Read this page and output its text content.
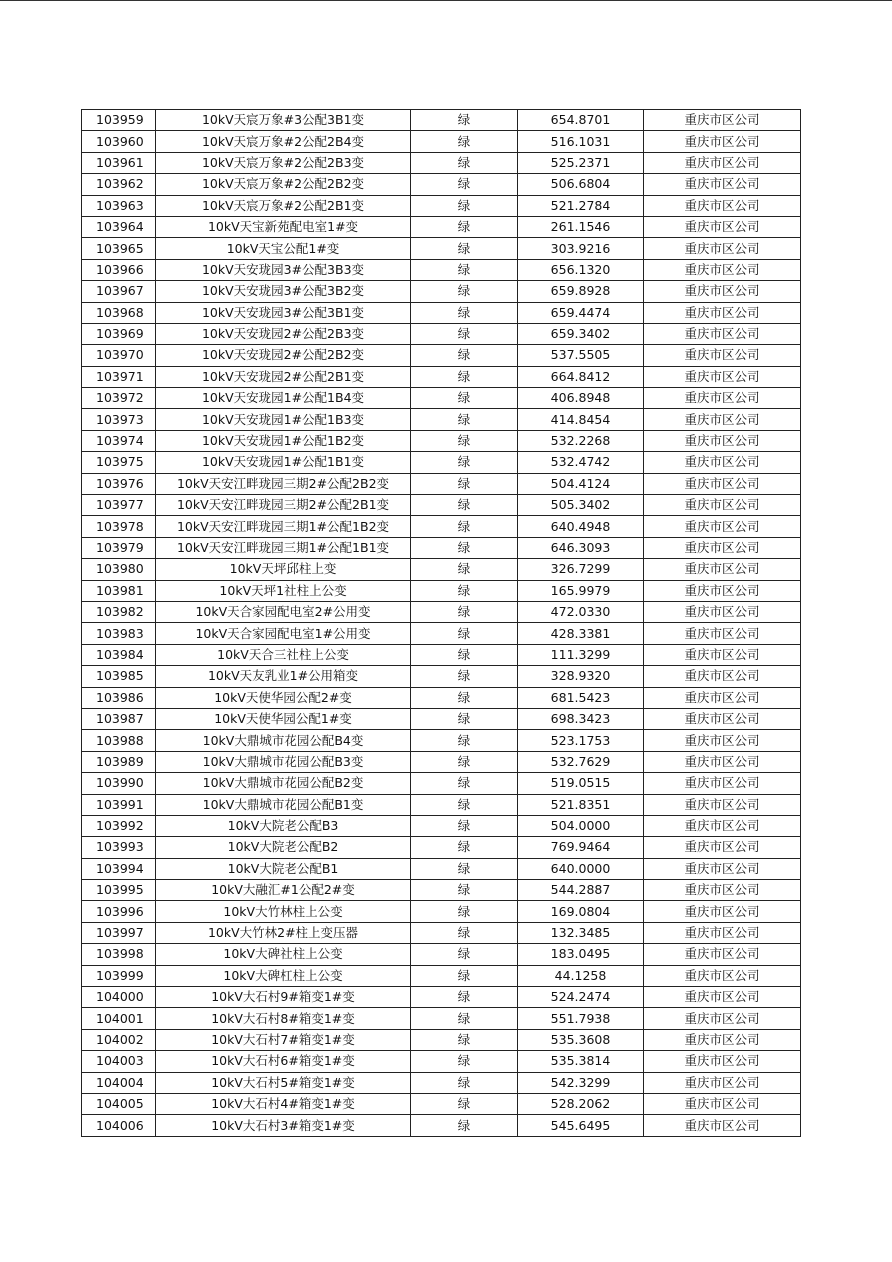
103959	10kV天宸万象#3公配3B1变	绿	654.8701	重庆市区公司
103960	10kV天宸万象#2公配2B4变	绿	516.1031	重庆市区公司
103961	10kV天宸万象#2公配2B3变	绿	525.2371	重庆市区公司
103962	10kV天宸万象#2公配2B2变	绿	506.6804	重庆市区公司
103963	10kV天宸万象#2公配2B1变	绿	521.2784	重庆市区公司
103964	10kV天宝新苑配电室1#变	绿	261.1546	重庆市区公司
103965	10kV天宝公配1#变	绿	303.9216	重庆市区公司
103966	10kV天安珑园3#公配3B3变	绿	656.1320	重庆市区公司
103967	10kV天安珑园3#公配3B2变	绿	659.8928	重庆市区公司
103968	10kV天安珑园3#公配3B1变	绿	659.4474	重庆市区公司
103969	10kV天安珑园2#公配2B3变	绿	659.3402	重庆市区公司
103970	10kV天安珑园2#公配2B2变	绿	537.5505	重庆市区公司
103971	10kV天安珑园2#公配2B1变	绿	664.8412	重庆市区公司
103972	10kV天安珑园1#公配1B4变	绿	406.8948	重庆市区公司
103973	10kV天安珑园1#公配1B3变	绿	414.8454	重庆市区公司
103974	10kV天安珑园1#公配1B2变	绿	532.2268	重庆市区公司
103975	10kV天安珑园1#公配1B1变	绿	532.4742	重庆市区公司
103976	10kV天安江畔珑园三期2#公配2B2变	绿	504.4124	重庆市区公司
103977	10kV天安江畔珑园三期2#公配2B1变	绿	505.3402	重庆市区公司
103978	10kV天安江畔珑园三期1#公配1B2变	绿	640.4948	重庆市区公司
103979	10kV天安江畔珑园三期1#公配1B1变	绿	646.3093	重庆市区公司
103980	10kV天坪邱柱上变	绿	326.7299	重庆市区公司
103981	10kV天坪1社柱上公变	绿	165.9979	重庆市区公司
103982	10kV天合家园配电室2#公用变	绿	472.0330	重庆市区公司
103983	10kV天合家园配电室1#公用变	绿	428.3381	重庆市区公司
103984	10kV天合三社柱上公变	绿	111.3299	重庆市区公司
103985	10kV天友乳业1#公用箱变	绿	328.9320	重庆市区公司
103986	10kV天使华园公配2#变	绿	681.5423	重庆市区公司
103987	10kV天使华园公配1#变	绿	698.3423	重庆市区公司
103988	10kV大鼎城市花园公配B4变	绿	523.1753	重庆市区公司
103989	10kV大鼎城市花园公配B3变	绿	532.7629	重庆市区公司
103990	10kV大鼎城市花园公配B2变	绿	519.0515	重庆市区公司
103991	10kV大鼎城市花园公配B1变	绿	521.8351	重庆市区公司
103992	10kV大院老公配B3	绿	504.0000	重庆市区公司
103993	10kV大院老公配B2	绿	769.9464	重庆市区公司
103994	10kV大院老公配B1	绿	640.0000	重庆市区公司
103995	10kV大融汇#1公配2#变	绿	544.2887	重庆市区公司
103996	10kV大竹林柱上公变	绿	169.0804	重庆市区公司
103997	10kV大竹林2#柱上变压器	绿	132.3485	重庆市区公司
103998	10kV大碑社柱上公变	绿	183.0495	重庆市区公司
103999	10kV大碑杠柱上公变	绿	44.1258	重庆市区公司
104000	10kV大石村9#箱变1#变	绿	524.2474	重庆市区公司
104001	10kV大石村8#箱变1#变	绿	551.7938	重庆市区公司
104002	10kV大石村7#箱变1#变	绿	535.3608	重庆市区公司
104003	10kV大石村6#箱变1#变	绿	535.3814	重庆市区公司
104004	10kV大石村5#箱变1#变	绿	542.3299	重庆市区公司
104005	10kV大石村4#箱变1#变	绿	528.2062	重庆市区公司
104006	10kV大石村3#箱变1#变	绿	545.6495	重庆市区公司
